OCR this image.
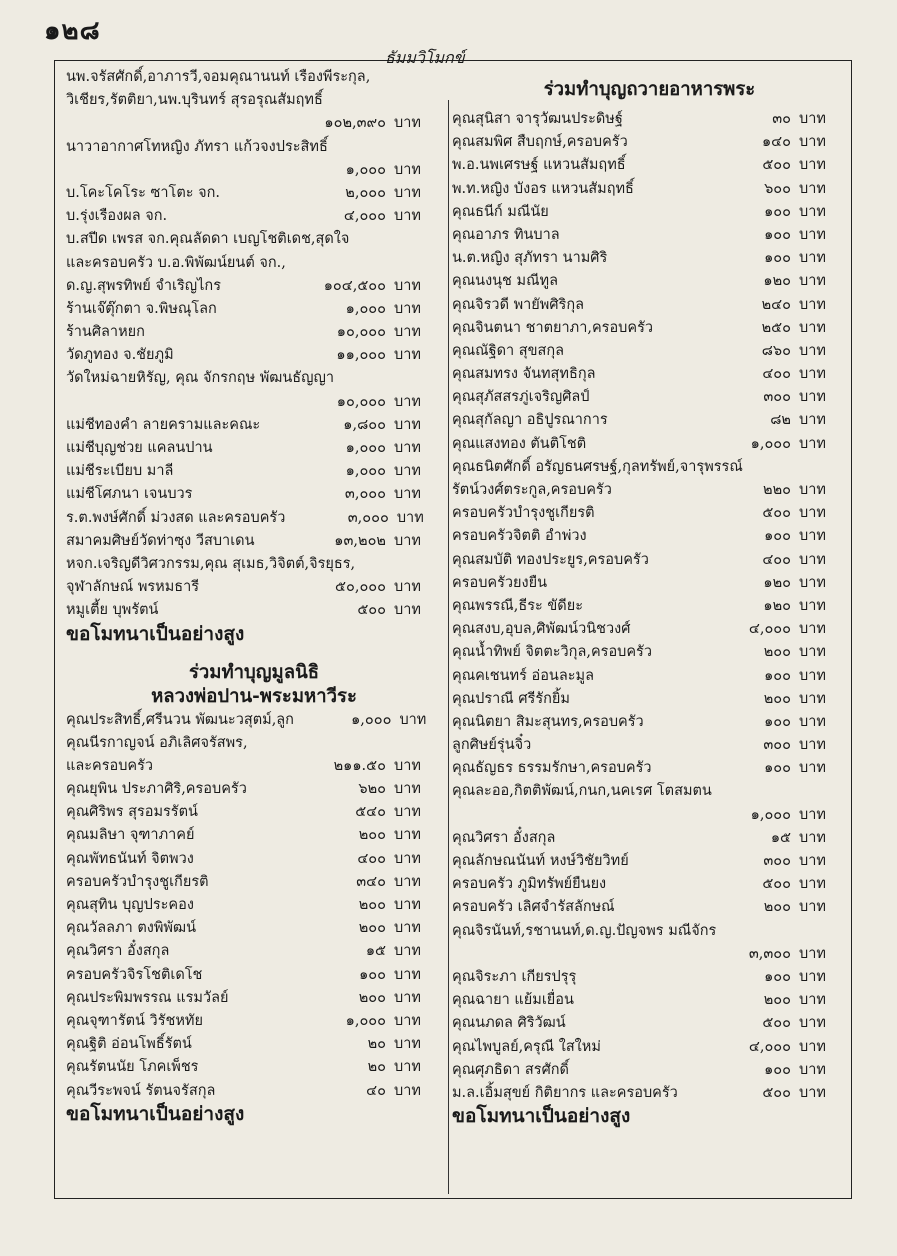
๑๒๘
ธัมมวิโมกข์
นพ.จรัสศักดิ์,อาภารวี,จอมคุณานนท์ เรืองพีระกุล,
วิเชียร,รัตติยา,นพ.บุรินทร์ สุรอรุณสัมฤทธิ์
๑๐๒,๓๙๐ บาท
นาวาอากาศโทหญิง ภัทรา แก้วจงประสิทธิ์
๑,๐๐๐ บาท
บ.โคะโคโระ ซาโตะ จก.	๒,๐๐๐ บาท
บ.รุ่งเรืองผล จก.	๔,๐๐๐ บาท
บ.สปีด เพรส จก.คุณลัดดา เบญโชติเดช,สุดใจ
และครอบครัว บ.อ.พิพัฒน์ยนต์ จก.,
ด.ญ.สุพรทิพย์ จำเริญไกร	๑๐๔,๕๐๐ บาท
ร้านเจ๊ตุ๊กตา จ.พิษณุโลก	๑,๐๐๐ บาท
ร้านศิลาหยก	๑๐,๐๐๐ บาท
วัดภูทอง จ.ชัยภูมิ	๑๑,๐๐๐ บาท
วัดใหม่ฉายหิรัญ, คุณ จักรกฤษ พัฒนธัญญา
๑๐,๐๐๐ บาท
แม่ชีทองคำ ลายครามและคณะ	๑,๘๐๐ บาท
แม่ชีบุญช่วย แคลนปาน	๑,๐๐๐ บาท
แม่ชีระเบียบ มาลี	๑,๐๐๐ บาท
แม่ชีโศภนา เจนบวร	๓,๐๐๐ บาท
ร.ต.พงษ์ศักดิ์ ม่วงสด และครอบครัว	๓,๐๐๐ บาท
สมาคมศิษย์วัดท่าซุง วีสบาเดน	๑๓,๒๐๒ บาท
หจก.เจริญดีวิศวกรรม,คุณ สุเมธ,วิจิตต์,จิรยุธร,
จุฬาลักษณ์ พรหมธารี	๕๐,๐๐๐ บาท
หมูเตี้ย บุพรัตน์	๕๐๐ บาท
ขอโมทนาเป็นอย่างสูง
ร่วมทำบุญมูลนิธิ
หลวงพ่อปาน-พระมหาวีระ
คุณประสิทธิ์,ศรีนวน พัฒนะวสุตม์,ลูก	๑,๐๐๐ บาท
คุณนีรกาญจน์ อภิเลิศจรัสพร,
และครอบครัว	๒๑๑.๕๐ บาท
คุณยุพิน ประภาศิริ,ครอบครัว	๖๒๐ บาท
คุณศิริพร สุรอมรรัตน์	๕๔๐ บาท
คุณมลิษา จุฑาภาคย์	๒๐๐ บาท
คุณพัทธนันท์ จิตพวง	๔๐๐ บาท
ครอบครัวบำรุงชูเกียรติ	๓๔๐ บาท
คุณสุทิน บุญประคอง	๒๐๐ บาท
คุณวัลลภา ตงพิพัฒน์	๒๐๐ บาท
คุณวิศรา อั๋งสกุล	๑๕ บาท
ครอบครัวจิรโชติเดโช	๑๐๐ บาท
คุณประพิมพรรณ แรมวัลย์	๒๐๐ บาท
คุณจุฑารัตน์ วิรัชหทัย	๑,๐๐๐ บาท
คุณฐิติ อ่อนโพธิ์รัตน์	๒๐ บาท
คุณรัตนนัย โภคเพ็ชร	๒๐ บาท
คุณวีระพจน์ รัตนจรัสกุล	๔๐ บาท
ขอโมทนาเป็นอย่างสูง
ร่วมทำบุญถวายอาหารพระ
คุณสุนิสา จารุวัฒนประดิษฐ์	๓๐ บาท
คุณสมพิศ สืบฤกษ์,ครอบครัว	๑๔๐ บาท
พ.อ.นพเศรษฐ์ แหวนสัมฤทธิ์	๕๐๐ บาท
พ.ท.หญิง บังอร แหวนสัมฤทธิ์	๖๐๐ บาท
คุณธนีก์ มณีนัย	๑๐๐ บาท
คุณอาภร ทินบาล	๑๐๐ บาท
น.ต.หญิง สุภัทรา นามศิริ	๑๐๐ บาท
คุณนงนุช มณีทูล	๑๒๐ บาท
คุณจิรวดี พายัพศิริกุล	๒๔๐ บาท
คุณจินตนา ชาตยาภา,ครอบครัว	๒๕๐ บาท
คุณณัฐิดา สุขสกุล	๘๖๐ บาท
คุณสมทรง จันทสุทธิกุล	๔๐๐ บาท
คุณสุภัสสรภู่เจริญศิลป์	๓๐๐ บาท
คุณสุกัลญา อธิปูรณาการ	๘๒ บาท
คุณแสงทอง ตันติโชติ	๑,๐๐๐ บาท
คุณธนิตศักดิ์ อรัญธนศรษฐ์,กุลทรัพย์,จารุพรรณ์
รัตน์วงศ์ตระกูล,ครอบครัว	๒๒๐ บาท
ครอบครัวบำรุงชูเกียรติ	๕๐๐ บาท
ครอบครัวจิตติ อำพ่วง	๑๐๐ บาท
คุณสมบัติ ทองประยูร,ครอบครัว	๔๐๐ บาท
ครอบครัวยงยืน	๑๒๐ บาท
คุณพรรณี,ธีระ ขัดียะ	๑๒๐ บาท
คุณสงบ,อุบล,ศิพัฒน์วนิชวงศ์	๔,๐๐๐ บาท
คุณน้ำทิพย์ จิตตะวิกุล,ครอบครัว	๒๐๐ บาท
คุณคเชนทร์ อ่อนละมูล	๑๐๐ บาท
คุณปราณี ศรีรักยิ้ม	๒๐๐ บาท
คุณนิตยา สิมะสุนทร,ครอบครัว	๑๐๐ บาท
ลูกศิษย์รุ่นจิ๋ว	๓๐๐ บาท
คุณธัญธร ธรรมรักษา,ครอบครัว	๑๐๐ บาท
คุณละออ,กิตติพัฒน์,กนก,นคเรศ โตสมตน
๑,๐๐๐ บาท
คุณวิศรา อั๋งสกุล	๑๕ บาท
คุณลักษณนันท์ หงษ์วิชัยวิทย์	๓๐๐ บาท
ครอบครัว ภูมิทรัพย์ยืนยง	๕๐๐ บาท
ครอบครัว เลิศจำรัสลักษณ์	๒๐๐ บาท
คุณจิรนันท์,รชานนท์,ด.ญ.ปัญจพร มณีจักร
๓,๓๐๐ บาท
คุณจิระภา เกียรปรุรุ	๑๐๐ บาท
คุณฉายา แย้มเยื่อน	๒๐๐ บาท
คุณนภดล ศิริวัฒน์	๕๐๐ บาท
คุณไพบูลย์,ครุณี ใสใหม่	๔,๐๐๐ บาท
คุณศุภธิดา สรศักดิ์	๑๐๐ บาท
ม.ล.เอิ้มสุขย์ กิติยากร และครอบครัว	๕๐๐ บาท
ขอโมทนาเป็นอย่างสูง
